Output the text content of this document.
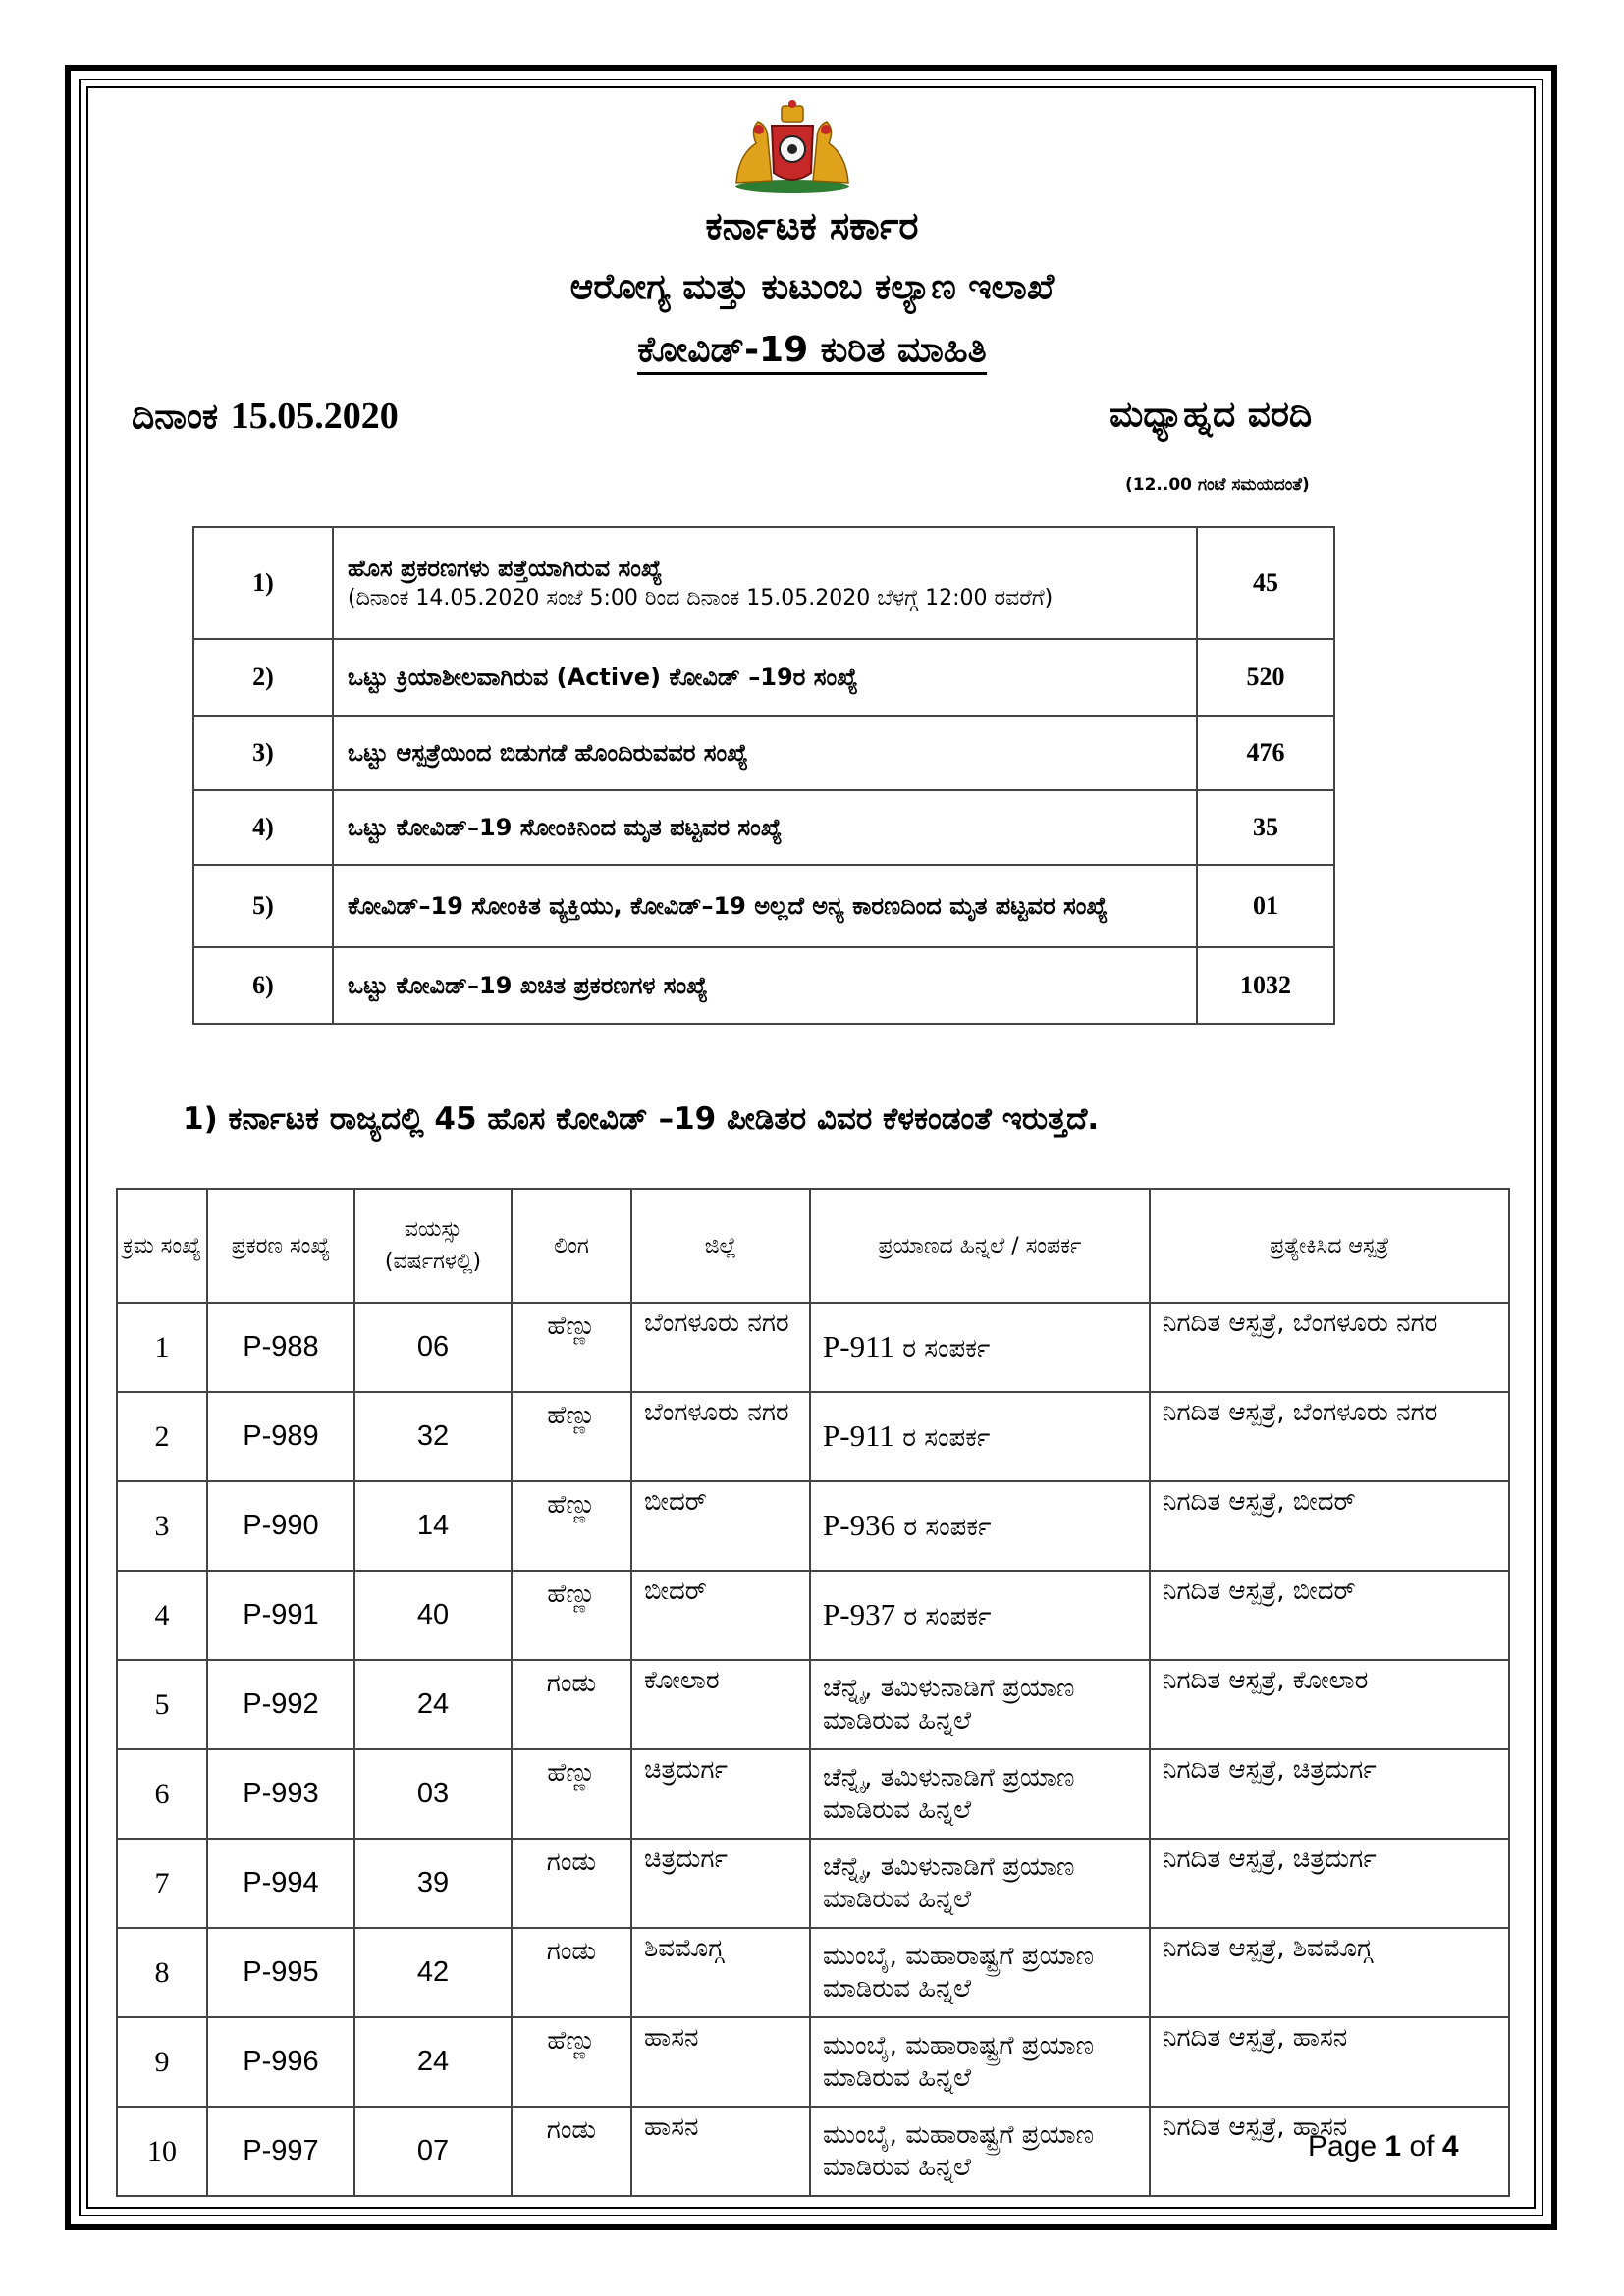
ಕರ್ನಾಟಕ ಸರ್ಕಾರ
ಆರೋಗ್ಯ ಮತ್ತು ಕುಟುಂಬ ಕಲ್ಯಾಣ ಇಲಾಖೆ
ಕೋವಿಡ್-19 ಕುರಿತ ಮಾಹಿತಿ
ದಿನಾಂಕ 15.05.2020	ಮಧ್ಯಾಹ್ನದ ವರದಿ
(12..00 ಗಂಟೆ ಸಮಯದಂತೆ)
1)	ಹೊಸ ಪ್ರಕರಣಗಳು ಪತ್ತೆಯಾಗಿರುವ ಸಂಖ್ಯೆ
(ದಿನಾಂಕ 14.05.2020 ಸಂಜೆ 5:00 ರಿಂದ ದಿನಾಂಕ 15.05.2020 ಬೆಳಗ್ಗೆ 12:00 ರವರೆಗೆ)	45
2)	ಒಟ್ಟು ಕ್ರಿಯಾಶೀಲವಾಗಿರುವ (Active) ಕೋವಿಡ್ –19ರ ಸಂಖ್ಯೆ	520
3)	ಒಟ್ಟು ಆಸ್ಪತ್ರೆಯಿಂದ ಬಿಡುಗಡೆ ಹೊಂದಿರುವವರ ಸಂಖ್ಯೆ	476
4)	ಒಟ್ಟು ಕೋವಿಡ್–19 ಸೋಂಕಿನಿಂದ ಮೃತ ಪಟ್ಟವರ ಸಂಖ್ಯೆ	35
5)	ಕೋವಿಡ್–19 ಸೋಂಕಿತ ವ್ಯಕ್ತಿಯು, ಕೋವಿಡ್–19 ಅಲ್ಲದೆ ಅನ್ಯ ಕಾರಣದಿಂದ ಮೃತ ಪಟ್ಟವರ ಸಂಖ್ಯೆ	01
6)	ಒಟ್ಟು ಕೋವಿಡ್–19 ಖಚಿತ ಪ್ರಕರಣಗಳ ಸಂಖ್ಯೆ	1032
1) ಕರ್ನಾಟಕ ರಾಜ್ಯದಲ್ಲಿ 45 ಹೊಸ ಕೋವಿಡ್ –19 ಪೀಡಿತರ ವಿವರ ಕೆಳಕಂಡಂತೆ ಇರುತ್ತದೆ.
ಕ್ರಮ ಸಂಖ್ಯೆ	ಪ್ರಕರಣ ಸಂಖ್ಯೆ	ವಯಸ್ಸು (ವರ್ಷಗಳಲ್ಲಿ)	ಲಿಂಗ	ಜಿಲ್ಲೆ	ಪ್ರಯಾಣದ ಹಿನ್ನಲೆ / ಸಂಪರ್ಕ	ಪ್ರತ್ಯೇಕಿಸಿದ ಆಸ್ಪತ್ರೆ
1	P-988	06	ಹೆಣ್ಣು	ಬೆಂಗಳೂರು ನಗರ	P-911 ರ ಸಂಪರ್ಕ	ನಿಗದಿತ ಆಸ್ಪತ್ರೆ, ಬೆಂಗಳೂರು ನಗರ
2	P-989	32	ಹೆಣ್ಣು	ಬೆಂಗಳೂರು ನಗರ	P-911 ರ ಸಂಪರ್ಕ	ನಿಗದಿತ ಆಸ್ಪತ್ರೆ, ಬೆಂಗಳೂರು ನಗರ
3	P-990	14	ಹೆಣ್ಣು	ಬೀದರ್	P-936 ರ ಸಂಪರ್ಕ	ನಿಗದಿತ ಆಸ್ಪತ್ರೆ, ಬೀದರ್
4	P-991	40	ಹೆಣ್ಣು	ಬೀದರ್	P-937 ರ ಸಂಪರ್ಕ	ನಿಗದಿತ ಆಸ್ಪತ್ರೆ, ಬೀದರ್
5	P-992	24	ಗಂಡು	ಕೋಲಾರ	ಚೆನ್ನೈ, ತಮಿಳುನಾಡಿಗೆ ಪ್ರಯಾಣ ಮಾಡಿರುವ ಹಿನ್ನಲೆ	ನಿಗದಿತ ಆಸ್ಪತ್ರೆ, ಕೋಲಾರ
6	P-993	03	ಹೆಣ್ಣು	ಚಿತ್ರದುರ್ಗ	ಚೆನ್ನೈ, ತಮಿಳುನಾಡಿಗೆ ಪ್ರಯಾಣ ಮಾಡಿರುವ ಹಿನ್ನಲೆ	ನಿಗದಿತ ಆಸ್ಪತ್ರೆ, ಚಿತ್ರದುರ್ಗ
7	P-994	39	ಗಂಡು	ಚಿತ್ರದುರ್ಗ	ಚೆನ್ನೈ, ತಮಿಳುನಾಡಿಗೆ ಪ್ರಯಾಣ ಮಾಡಿರುವ ಹಿನ್ನಲೆ	ನಿಗದಿತ ಆಸ್ಪತ್ರೆ, ಚಿತ್ರದುರ್ಗ
8	P-995	42	ಗಂಡು	ಶಿವಮೊಗ್ಗ	ಮುಂಬೈ, ಮಹಾರಾಷ್ಟ್ರಗೆ ಪ್ರಯಾಣ ಮಾಡಿರುವ ಹಿನ್ನಲೆ	ನಿಗದಿತ ಆಸ್ಪತ್ರೆ, ಶಿವಮೊಗ್ಗ
9	P-996	24	ಹೆಣ್ಣು	ಹಾಸನ	ಮುಂಬೈ, ಮಹಾರಾಷ್ಟ್ರಗೆ ಪ್ರಯಾಣ ಮಾಡಿರುವ ಹಿನ್ನಲೆ	ನಿಗದಿತ ಆಸ್ಪತ್ರೆ, ಹಾಸನ
10	P-997	07	ಗಂಡು	ಹಾಸನ	ಮುಂಬೈ, ಮಹಾರಾಷ್ಟ್ರಗೆ ಪ್ರಯಾಣ ಮಾಡಿರುವ ಹಿನ್ನಲೆ	ನಿಗದಿತ ಆಸ್ಪತ್ರೆ, ಹಾಸನ
Page 1 of 4
